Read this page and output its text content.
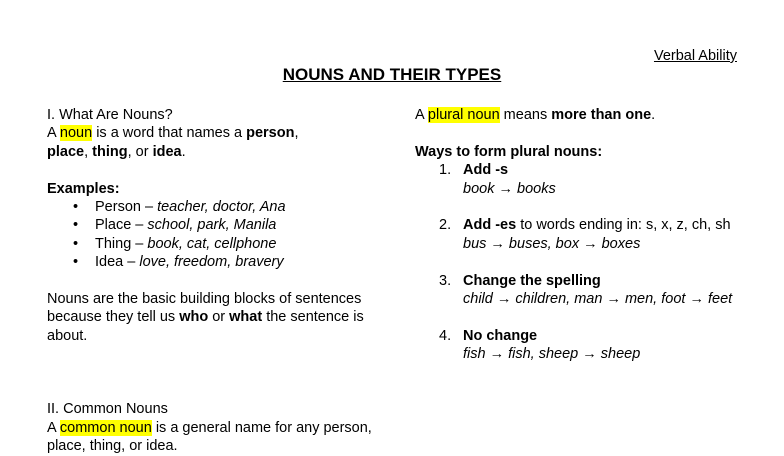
Verbal Ability
NOUNS AND THEIR TYPES
I. What Are Nouns?
A noun is a word that names a person,
place, thing, or idea.
Examples:
• Person – teacher, doctor, Ana
• Place – school, park, Manila
• Thing – book, cat, cellphone
• Idea – love, freedom, bravery
Nouns are the basic building blocks of sentences because they tell us who or what the sentence is about.
II. Common Nouns
A common noun is a general name for any person, place, thing, or idea.
A plural noun means more than one.
Ways to form plural nouns:
1. Add -s
book → books
2. Add -es to words ending in: s, x, z, ch, sh
bus → buses, box → boxes
3. Change the spelling
child → children, man → men, foot → feet
4. No change
fish → fish, sheep → sheep
